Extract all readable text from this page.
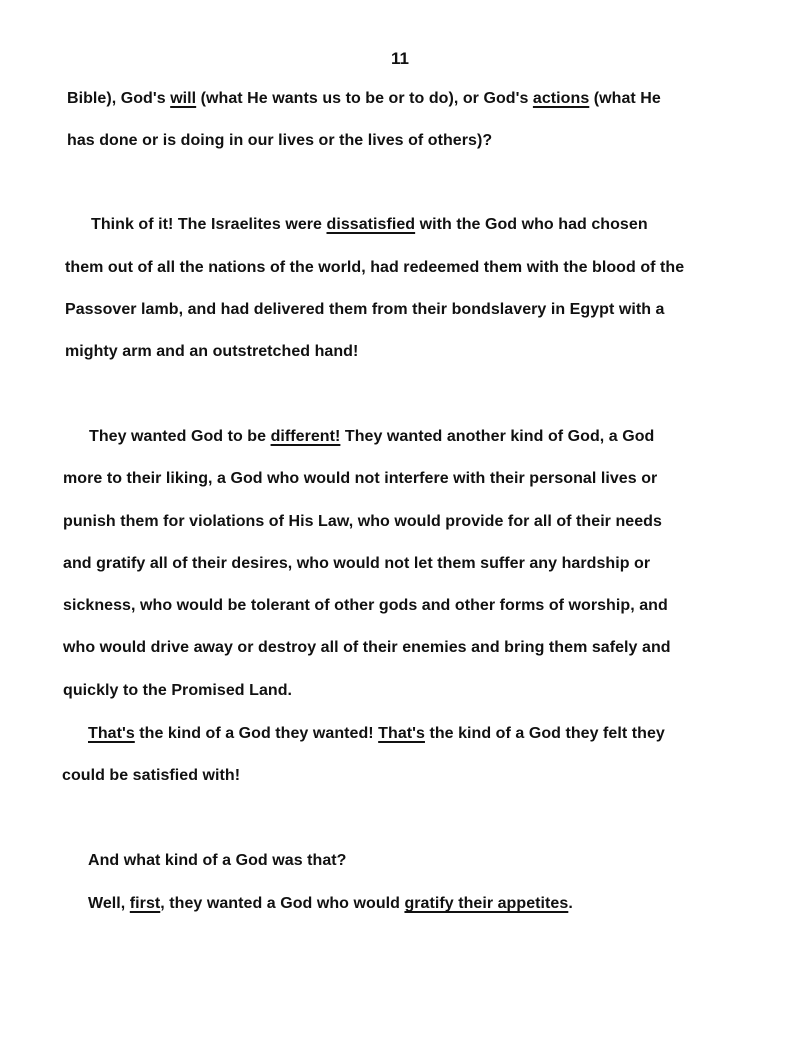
11
Bible), God's will (what He wants us to be or to do), or God's actions (what He
has done or is doing in our lives or the lives of others)?
Think of it! The Israelites were dissatisfied with the God who had chosen
them out of all the nations of the world, had redeemed them with the blood of the
Passover lamb, and had delivered them from their bondslavery in Egypt with a
mighty arm and an outstretched hand!
They wanted God to be different! They wanted another kind of God, a God
more to their liking, a God who would not interfere with their personal lives or
punish them for violations of His Law, who would provide for all of their needs
and gratify all of their desires, who would not let them suffer any hardship or
sickness, who would be tolerant of other gods and other forms of worship, and
who would drive away or destroy all of their enemies and bring them safely and
quickly to the Promised Land.
That's the kind of a God they wanted! That's the kind of a God they felt they
could be satisfied with!
And what kind of a God was that?
Well, first, they wanted a God who would gratify their appetites.
